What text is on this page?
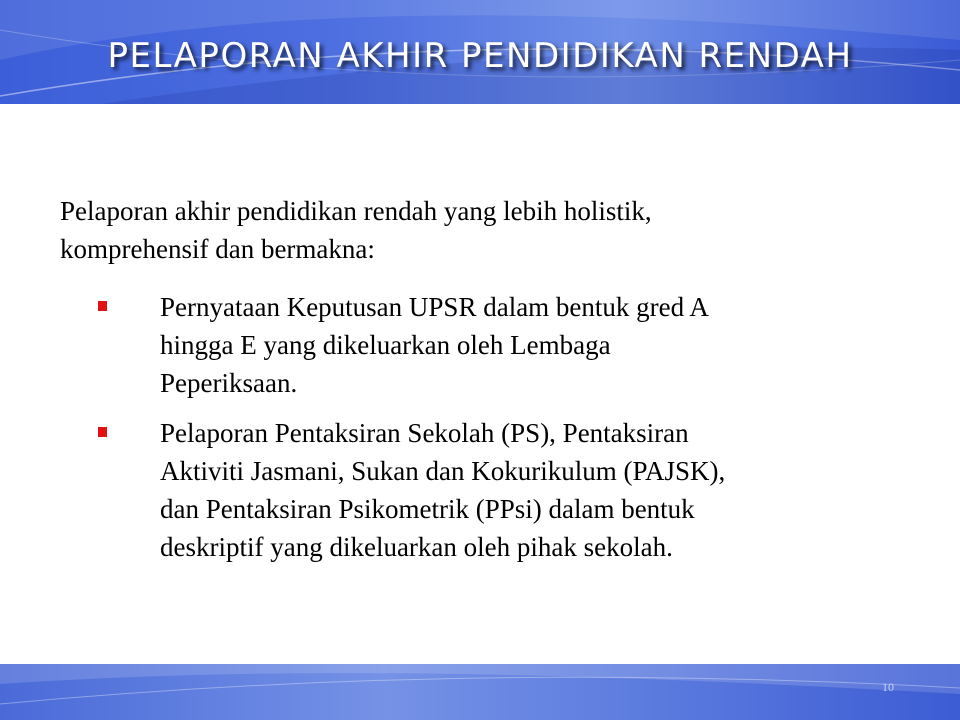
PELAPORAN AKHIR PENDIDIKAN RENDAH

Pelaporan akhir pendidikan rendah yang lebih holistik, komprehensif dan bermakna:

Pernyataan Keputusan UPSR dalam bentuk gred A hingga E yang dikeluarkan oleh Lembaga Peperiksaan.
Pelaporan Pentaksiran Sekolah (PS), Pentaksiran Aktiviti Jasmani, Sukan dan Kokurikulum (PAJSK), dan Pentaksiran Psikometrik (PPsi) dalam bentuk deskriptif yang dikeluarkan oleh pihak sekolah.
10
